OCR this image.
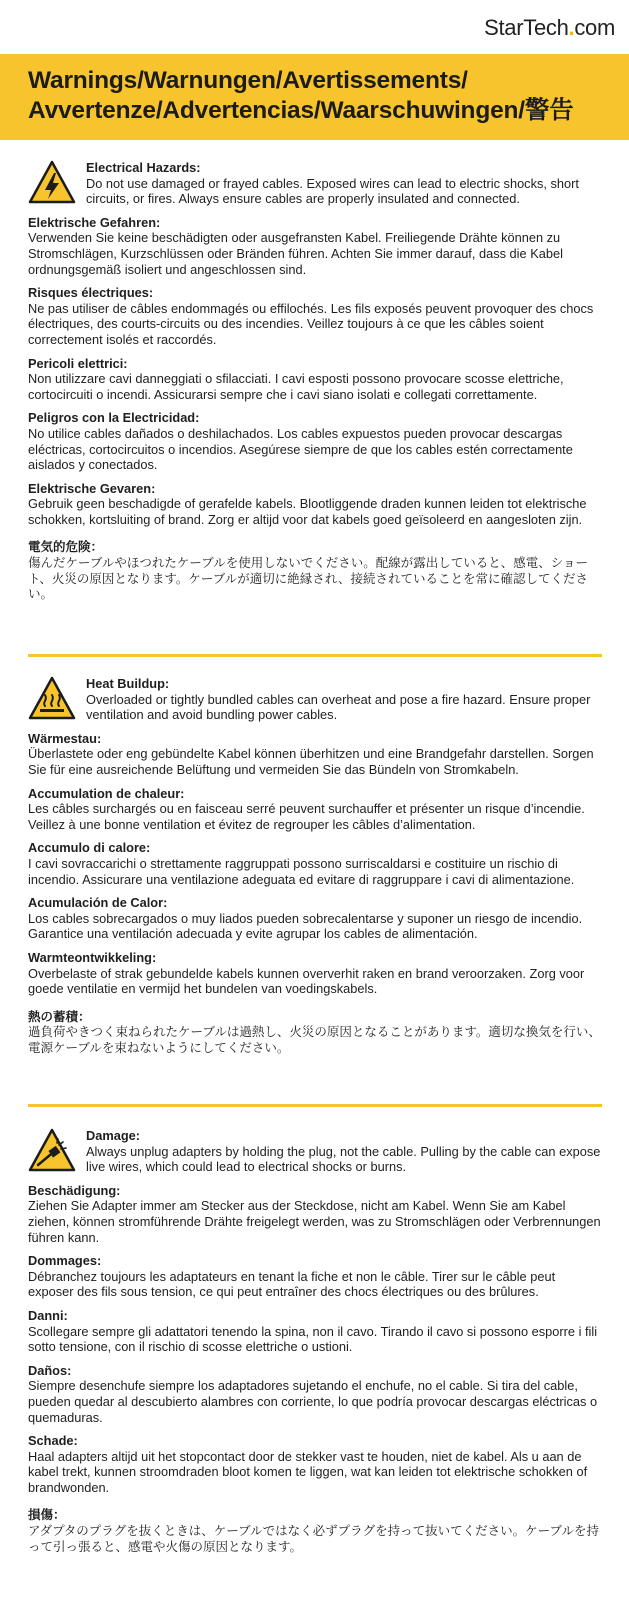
StarTech . com
Warnings/Warnungen/Avertissements/
Avvertenze/Advertencias/Waarschuwingen/警告
Electrical Hazards:
Do not use damaged or frayed cables. Exposed wires can lead to electric shocks, short circuits, or fires. Always ensure cables are properly insulated and connected.
Elektrische Gefahren:
Verwenden Sie keine beschädigten oder ausgefransten Kabel. Freiliegende Drähte können zu Stromschlägen, Kurzschlüssen oder Bränden führen. Achten Sie immer darauf, dass die Kabel ordnungsgemäß isoliert und angeschlossen sind.
Risques électriques:
Ne pas utiliser de câbles endommagés ou effilochés. Les fils exposés peuvent provoquer des chocs électriques, des courts-circuits ou des incendies. Veillez toujours à ce que les câbles soient correctement isolés et raccordés.
Pericoli elettrici:
Non utilizzare cavi danneggiati o sfilacciati. I cavi esposti possono provocare scosse elettriche, cortocircuiti o incendi. Assicurarsi sempre che i cavi siano isolati e collegati correttamente.
Peligros con la Electricidad:
No utilice cables dañados o deshilachados. Los cables expuestos pueden provocar descargas eléctricas, cortocircuitos o incendios. Asegúrese siempre de que los cables estén correctamente aislados y conectados.
Elektrische Gevaren:
Gebruik geen beschadigde of gerafelde kabels. Blootliggende draden kunnen leiden tot elektrische schokken, kortsluiting of brand. Zorg er altijd voor dat kabels goed geïsoleerd en aangesloten zijn.
電気的危険：
傷んだケーブルやほつれたケーブルを使用しないでください。配線が露出していると、感電、ショート、火災の原因となります。ケーブルが適切に絶縁され、接続されていることを常に確認してください。
Heat Buildup:
Overloaded or tightly bundled cables can overheat and pose a fire hazard. Ensure proper ventilation and avoid bundling power cables.
Wärmestau:
Überlastete oder eng gebündelte Kabel können überhitzen und eine Brandgefahr darstellen. Sorgen Sie für eine ausreichende Belüftung und vermeiden Sie das Bündeln von Stromkabeln.
Accumulation de chaleur:
Les câbles surchargés ou en faisceau serré peuvent surchauffer et présenter un risque d’incendie. Veillez à une bonne ventilation et évitez de regrouper les câbles d’alimentation.
Accumulo di calore:
I cavi sovraccarichi o strettamente raggruppati possono surriscaldarsi e costituire un rischio di incendio. Assicurare una ventilazione adeguata ed evitare di raggruppare i cavi di alimentazione.
Acumulación de Calor:
Los cables sobrecargados o muy liados pueden sobrecalentarse y suponer un riesgo de incendio. Garantice una ventilación adecuada y evite agrupar los cables de alimentación.
Warmteontwikkeling:
Overbelaste of strak gebundelde kabels kunnen oververhit raken en brand veroorzaken. Zorg voor goede ventilatie en vermijd het bundelen van voedingskabels.
熱の蓄積：
過負荷やきつく束ねられたケーブルは過熱し、火災の原因となることがあります。適切な換気を行い、電源ケーブルを束ねないようにしてください。
Damage:
Always unplug adapters by holding the plug, not the cable. Pulling by the cable can expose live wires, which could lead to electrical shocks or burns.
Beschädigung:
Ziehen Sie Adapter immer am Stecker aus der Steckdose, nicht am Kabel. Wenn Sie am Kabel ziehen, können stromführende Drähte freigelegt werden, was zu Stromschlägen oder Verbrennungen führen kann.
Dommages:
Débranchez toujours les adaptateurs en tenant la fiche et non le câble. Tirer sur le câble peut exposer des fils sous tension, ce qui peut entraîner des chocs électriques ou des brûlures.
Danni:
Scollegare sempre gli adattatori tenendo la spina, non il cavo. Tirando il cavo si possono esporre i fili sotto tensione, con il rischio di scosse elettriche o ustioni.
Daños:
Siempre desenchufe siempre los adaptadores sujetando el enchufe, no el cable. Si tira del cable, pueden quedar al descubierto alambres con corriente, lo que podría provocar descargas eléctricas o quemaduras.
Schade:
Haal adapters altijd uit het stopcontact door de stekker vast te houden, niet de kabel. Als u aan de kabel trekt, kunnen stroomdraden bloot komen te liggen, wat kan leiden tot elektrische schokken of brandwonden.
損傷：
アダプタのプラグを抜くときは、ケーブルではなく必ずプラグを持って抜いてください。ケーブルを持って引っ張ると、感電や火傷の原因となります。
